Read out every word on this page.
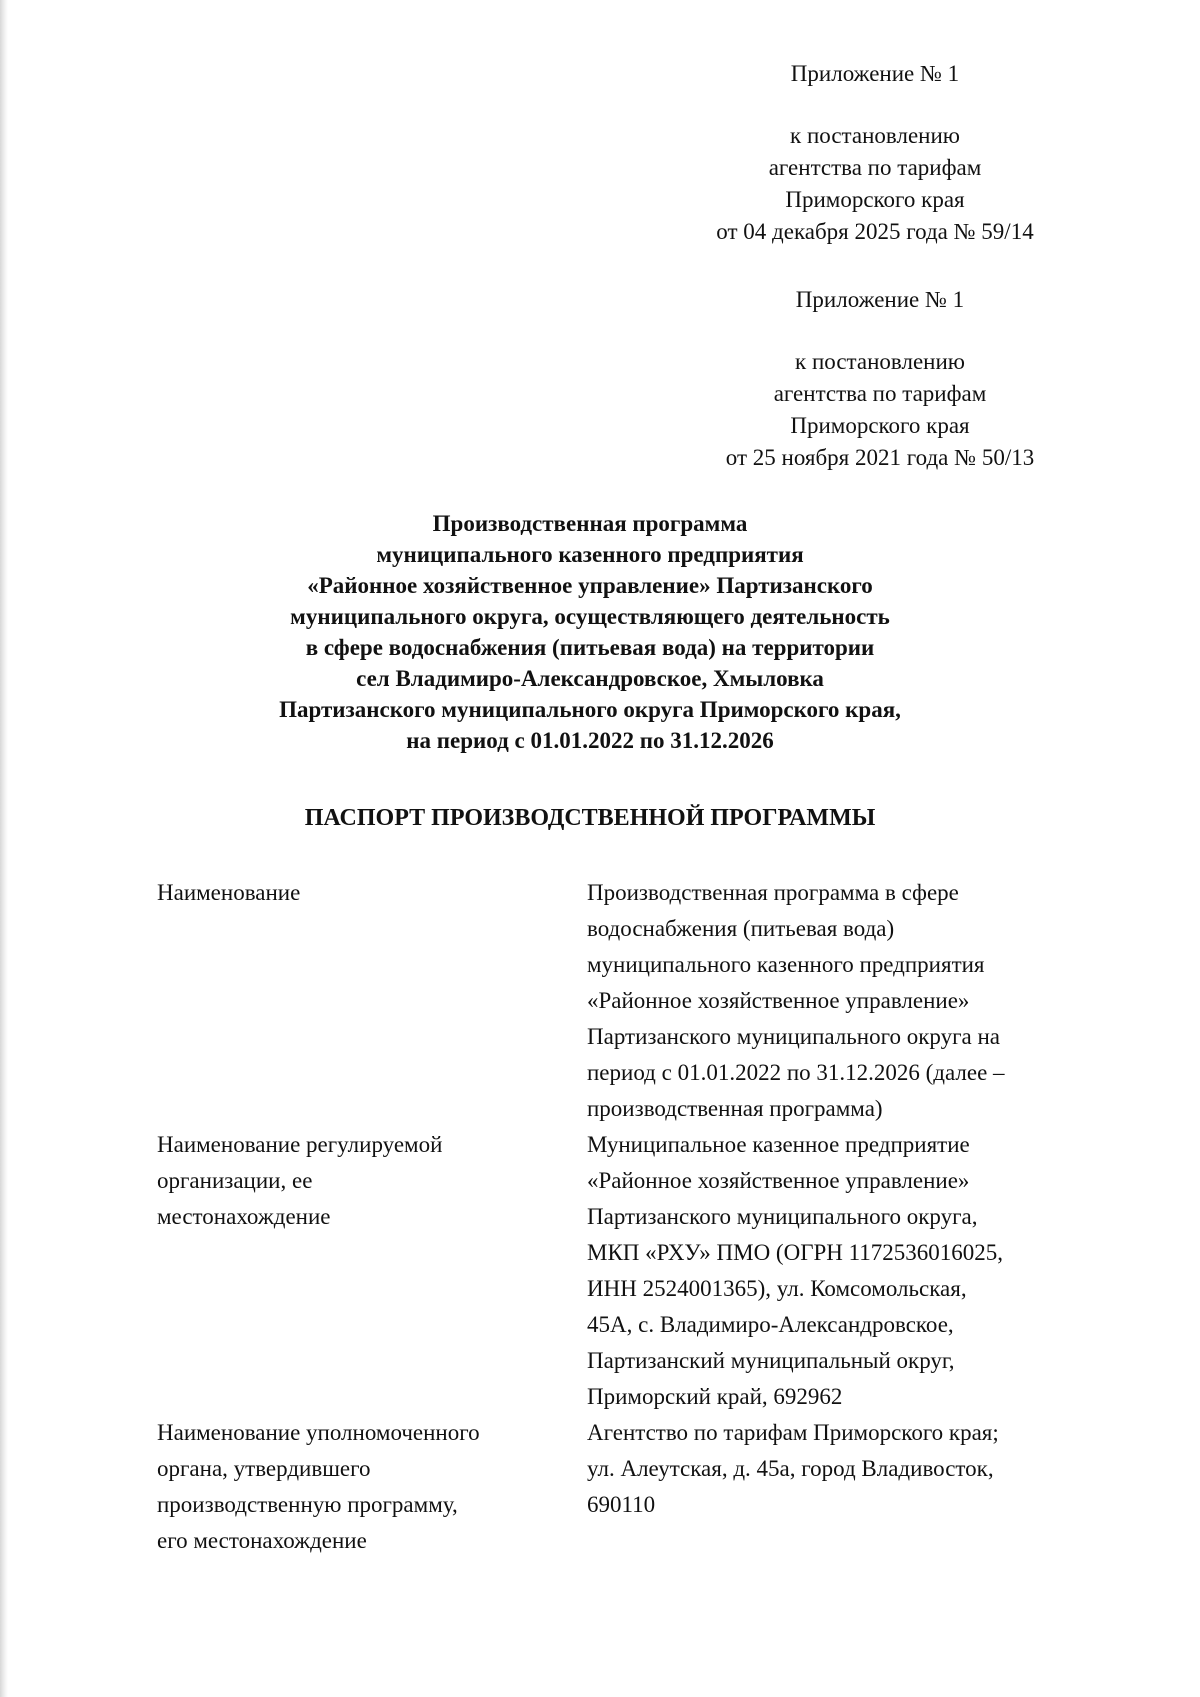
Приложение № 1
к постановлению
агентства по тарифам
Приморского края
от 04 декабря 2025 года № 59/14
Приложение № 1
к постановлению
агентства по тарифам
Приморского края
от 25 ноября 2021 года № 50/13
Производственная программа
муниципального казенного предприятия
«Районное хозяйственное управление» Партизанского
муниципального округа, осуществляющего деятельность
в сфере водоснабжения (питьевая вода) на территории
сел Владимиро-Александровское, Хмыловка
Партизанского муниципального округа Приморского края,
на период с 01.01.2022 по 31.12.2026
ПАСПОРТ ПРОИЗВОДСТВЕННОЙ ПРОГРАММЫ
Наименование	Производственная программа в сфере
водоснабжения (питьевая вода)
муниципального казенного предприятия
«Районное хозяйственное управление»
Партизанского муниципального округа на
период с 01.01.2022 по 31.12.2026 (далее –
производственная программа)
Наименование регулируемой
организации, ее
местонахождение
Муниципальное казенное предприятие
«Районное хозяйственное управление»
Партизанского муниципального округа,
МКП «РХУ» ПМО (ОГРН 1172536016025,
ИНН 2524001365), ул. Комсомольская,
45А, с. Владимиро-Александровское,
Партизанский муниципальный округ,
Приморский край, 692962
Наименование уполномоченного
органа, утвердившего
производственную программу,
его местонахождение
Агентство по тарифам Приморского края;
ул. Алеутская, д. 45а, город Владивосток,
690110
